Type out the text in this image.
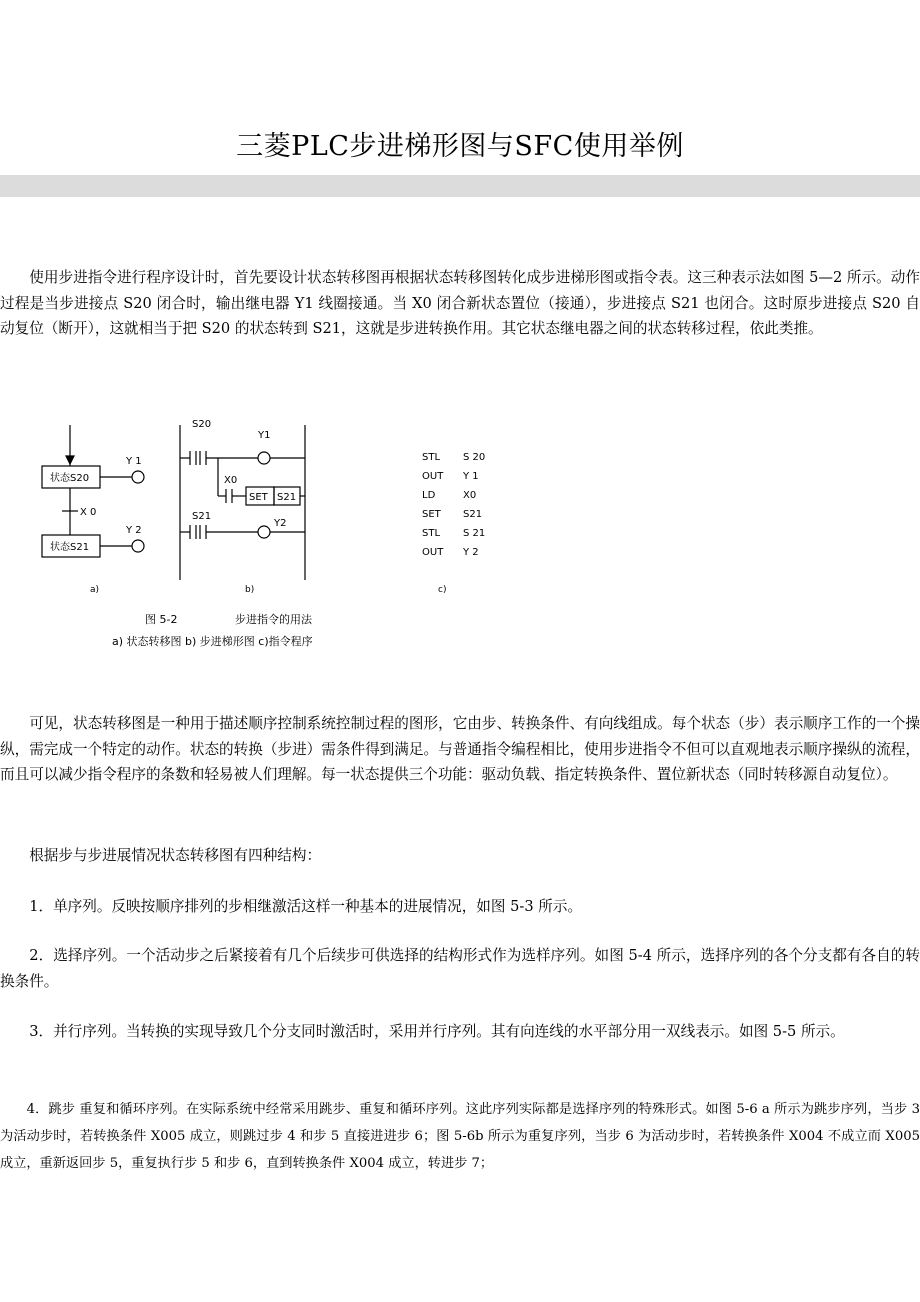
三菱PLC步进梯形图与SFC使用举例

　　使用步进指令进行程序设计时，首先要设计状态转移图再根据状态转移图转化成步进梯形图或指令表。这三种表示法如图 5—2 所示。动作过程是当步进接点 S20 闭合时，输出继电器 Y1 线圈接通。当 X0 闭合新状态置位（接通），步进接点 S21 也闭合。这时原步进接点 S20 自动复位（断开），这就相当于把 S20 的状态转到 S21，这就是步进转换作用。其它状态继电器之间的状态转移过程，依此类推。

状态S20
状态S21
Y 1
Y 2
X 0
a)
S20
Y1
X0
SET S21
S21
Y2
b)
STL S 20
OUT Y 1
LD	X0
SET S21
STL S 21
OUT Y 2
c)
图 5-2	步进指令的用法
a) 状态转移图 b) 步进梯形图 c)指令程序

　　可见，状态转移图是一种用于描述顺序控制系统控制过程的图形，它由步、转换条件、有向线组成。每个状态（步）表示顺序工作的一个操纵，需完成一个特定的动作。状态的转换（步进）需条件得到满足。与普通指令编程相比，使用步进指令不但可以直观地表示顺序操纵的流程，而且可以减少指令程序的条数和轻易被人们理解。每一状态提供三个功能：驱动负载、指定转换条件、置位新状态（同时转移源自动复位）。

　　根据步与步进展情况状态转移图有四种结构：

　　1．单序列。反映按顺序排列的步相继激活这样一种基本的进展情况，如图 5-3 所示。

　　2．选择序列。一个活动步之后紧接着有几个后续步可供选择的结构形式作为选样序列。如图 5-4 所示，选择序列的各个分支都有各自的转换条件。

　　3．并行序列。当转换的实现导致几个分支同时激活时，采用并行序列。其有向连线的水平部分用一双线表示。如图 5-5 所示。

　　4．跳步 重复和循环序列。在实际系统中经常采用跳步、重复和循环序列。这此序列实际都是选择序列的特殊形式。如图 5-6 a 所示为跳步序列，当步 3 为活动步时，若转换条件 X005 成立，则跳过步 4 和步 5 直接进进步 6；图 5-6b 所示为重复序列，当步 6 为活动步时，若转换条件 X004 不成立而 X005 成立，重新返回步 5，重复执行步 5 和步 6，直到转换条件 X004 成立，转进步 7；
